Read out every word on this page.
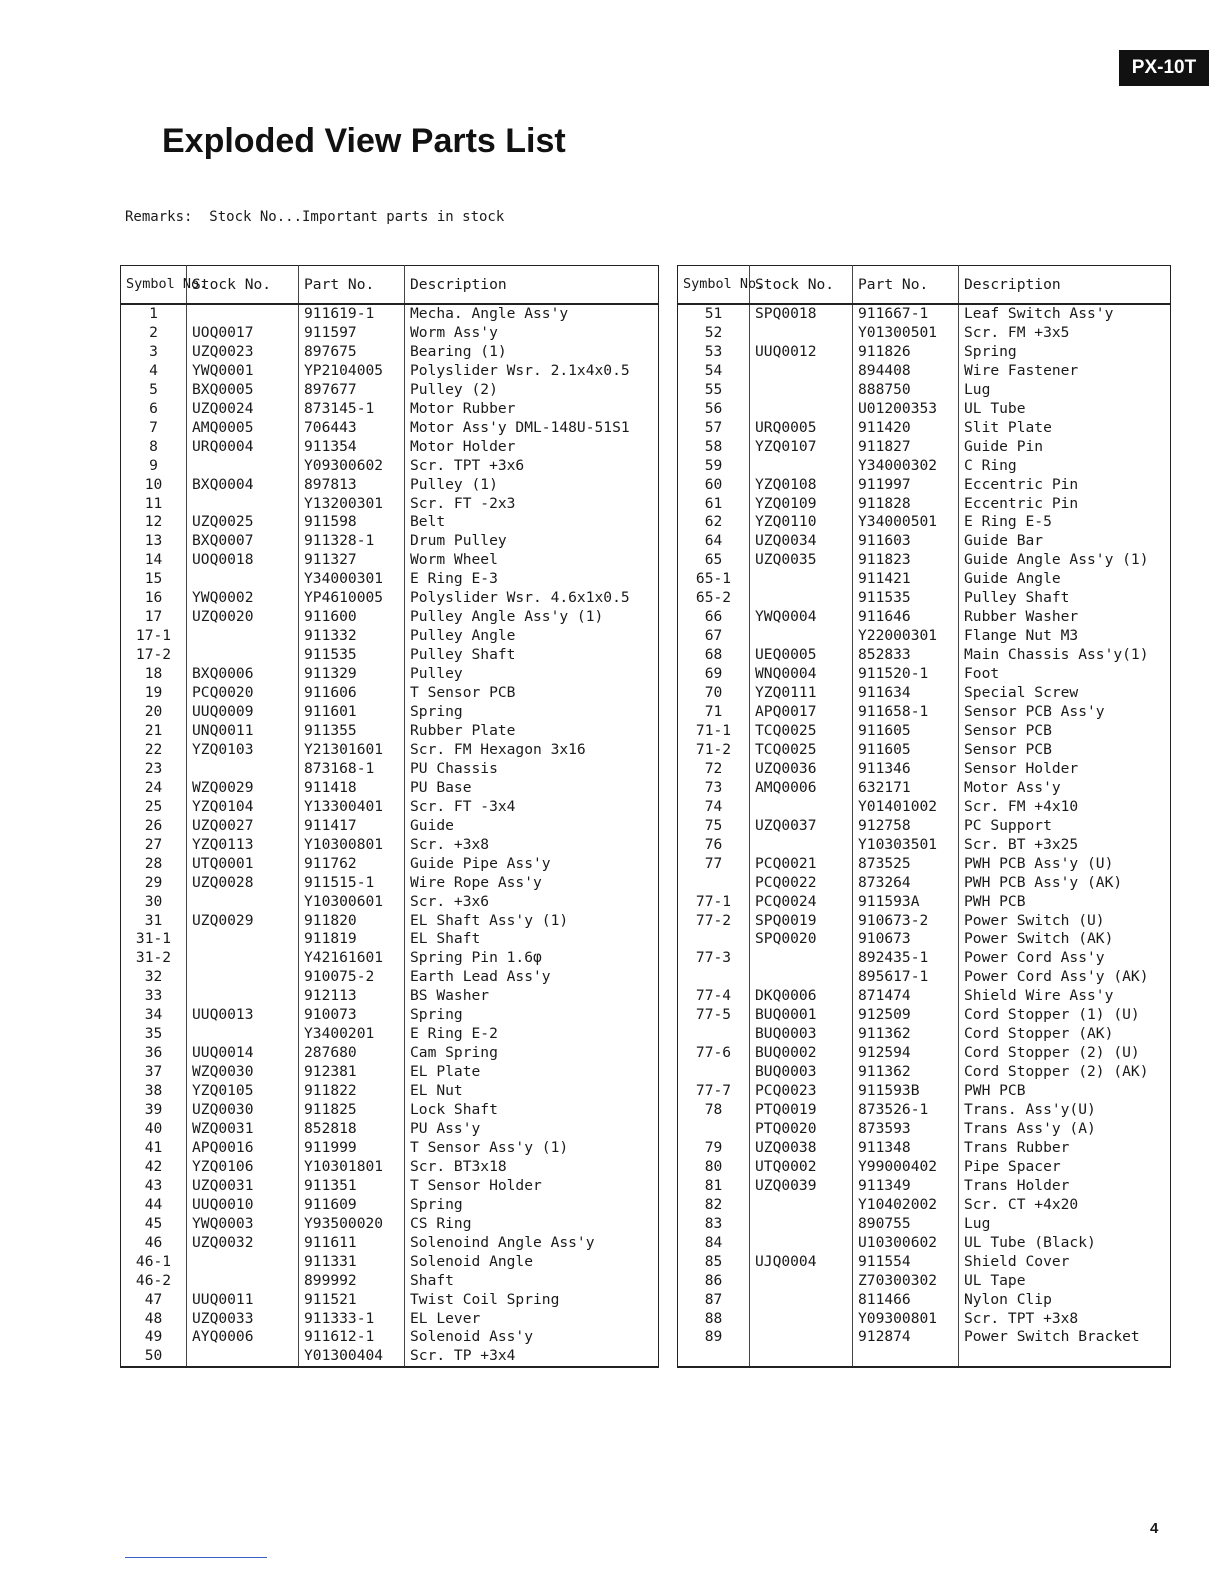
PX-10T
Exploded View Parts List
Remarks:  Stock No...Important parts in stock
Symbol No.	Stock No.	Part No.	Description
1		911619-1	Mecha. Angle Ass'y
2	UOQ0017	911597	Worm Ass'y
3	UZQ0023	897675	Bearing (1)
4	YWQ0001	YP2104005	Polyslider Wsr. 2.1x4x0.5
5	BXQ0005	897677	Pulley (2)
6	UZQ0024	873145-1	Motor Rubber
7	AMQ0005	706443	Motor Ass'y DML-148U-51S1
8	URQ0004	911354	Motor Holder
9		Y09300602	Scr. TPT +3x6
10	BXQ0004	897813	Pulley (1)
11		Y13200301	Scr. FT -2x3
12	UZQ0025	911598	Belt
13	BXQ0007	911328-1	Drum Pulley
14	UOQ0018	911327	Worm Wheel
15		Y34000301	E Ring E-3
16	YWQ0002	YP4610005	Polyslider Wsr. 4.6x1x0.5
17	UZQ0020	911600	Pulley Angle Ass'y (1)
17-1		911332	Pulley Angle
17-2		911535	Pulley Shaft
18	BXQ0006	911329	Pulley
19	PCQ0020	911606	T Sensor PCB
20	UUQ0009	911601	Spring
21	UNQ0011	911355	Rubber Plate
22	YZQ0103	Y21301601	Scr. FM Hexagon 3x16
23		873168-1	PU Chassis
24	WZQ0029	911418	PU Base
25	YZQ0104	Y13300401	Scr. FT -3x4
26	UZQ0027	911417	Guide
27	YZQ0113	Y10300801	Scr. +3x8
28	UTQ0001	911762	Guide Pipe Ass'y
29	UZQ0028	911515-1	Wire Rope Ass'y
30		Y10300601	Scr. +3x6
31	UZQ0029	911820	EL Shaft Ass'y (1)
31-1		911819	EL Shaft
31-2		Y42161601	Spring Pin 1.6φ
32		910075-2	Earth Lead Ass'y
33		912113	BS Washer
34	UUQ0013	910073	Spring
35		Y3400201	E Ring E-2
36	UUQ0014	287680	Cam Spring
37	WZQ0030	912381	EL Plate
38	YZQ0105	911822	EL Nut
39	UZQ0030	911825	Lock Shaft
40	WZQ0031	852818	PU Ass'y
41	APQ0016	911999	T Sensor Ass'y (1)
42	YZQ0106	Y10301801	Scr. BT3x18
43	UZQ0031	911351	T Sensor Holder
44	UUQ0010	911609	Spring
45	YWQ0003	Y93500020	CS Ring
46	UZQ0032	911611	Solenoind Angle Ass'y
46-1		911331	Solenoid Angle
46-2		899992	Shaft
47	UUQ0011	911521	Twist Coil Spring
48	UZQ0033	911333-1	EL Lever
49	AYQ0006	911612-1	Solenoid Ass'y
50		Y01300404	Scr. TP +3x4
Symbol No.	Stock No.	Part No.	Description
51	SPQ0018	911667-1	Leaf Switch Ass'y
52		Y01300501	Scr. FM +3x5
53	UUQ0012	911826	Spring
54		894408	Wire Fastener
55		888750	Lug
56		U01200353	UL Tube
57	URQ0005	911420	Slit Plate
58	YZQ0107	911827	Guide Pin
59		Y34000302	C Ring
60	YZQ0108	911997	Eccentric Pin
61	YZQ0109	911828	Eccentric Pin
62	YZQ0110	Y34000501	E Ring E-5
64	UZQ0034	911603	Guide Bar
65	UZQ0035	911823	Guide Angle Ass'y (1)
65-1		911421	Guide Angle
65-2		911535	Pulley Shaft
66	YWQ0004	911646	Rubber Washer
67		Y22000301	Flange Nut M3
68	UEQ0005	852833	Main Chassis Ass'y(1)
69	WNQ0004	911520-1	Foot
70	YZQ0111	911634	Special Screw
71	APQ0017	911658-1	Sensor PCB Ass'y
71-1	TCQ0025	911605	Sensor PCB
71-2	TCQ0025	911605	Sensor PCB
72	UZQ0036	911346	Sensor Holder
73	AMQ0006	632171	Motor Ass'y
74		Y01401002	Scr. FM +4x10
75	UZQ0037	912758	PC Support
76		Y10303501	Scr. BT +3x25
77	PCQ0021	873525	PWH PCB Ass'y (U)
	PCQ0022	873264	PWH PCB Ass'y (AK)
77-1	PCQ0024	911593A	PWH PCB
77-2	SPQ0019	910673-2	Power Switch (U)
	SPQ0020	910673	Power Switch (AK)
77-3		892435-1	Power Cord Ass'y
		895617-1	Power Cord Ass'y (AK)
77-4	DKQ0006	871474	Shield Wire Ass'y
77-5	BUQ0001	912509	Cord Stopper (1) (U)
	BUQ0003	911362	Cord Stopper (AK)
77-6	BUQ0002	912594	Cord Stopper (2) (U)
	BUQ0003	911362	Cord Stopper (2) (AK)
77-7	PCQ0023	911593B	PWH PCB
78	PTQ0019	873526-1	Trans. Ass'y(U)
	PTQ0020	873593	Trans Ass'y (A)
79	UZQ0038	911348	Trans Rubber
80	UTQ0002	Y99000402	Pipe Spacer
81	UZQ0039	911349	Trans Holder
82		Y10402002	Scr. CT +4x20
83		890755	Lug
84		U10300602	UL Tube (Black)
85	UJQ0004	911554	Shield Cover
86		Z70300302	UL Tape
87		811466	Nylon Clip
88		Y09300801	Scr. TPT +3x8
89		912874	Power Switch Bracket

4
